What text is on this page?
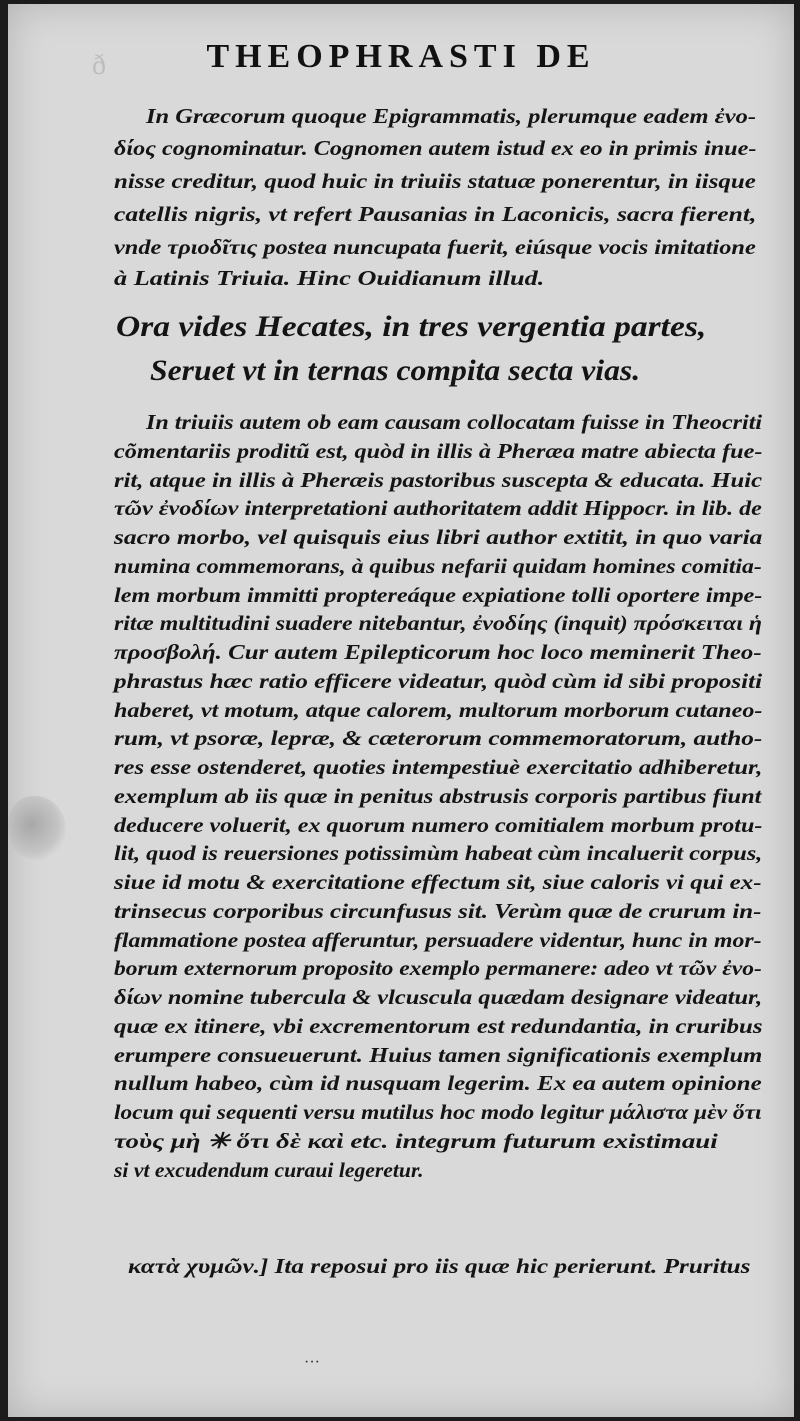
ð	THEOPHRASTI DE
In Græcorum quoque Epigrammatis, plerumque eadem ἐνο-
δίος cognominatur. Cognomen autem istud ex eo in primis inue-
nisse creditur, quod huic in triuiis statuæ ponerentur, in iisque
catellis nigris, vt refert Pausanias in Laconicis, sacra fierent,
vnde τριοδῖτις postea nuncupata fuerit, eiúsque vocis imitatione
à Latinis Triuia. Hinc Ouidianum illud.
Ora vides Hecates, in tres vergentia partes,
Seruet vt in ternas compita secta vias.
In triuiis autem ob eam causam collocatam fuisse in Theocriti
cõmentariis proditũ est, quòd in illis à Pheræa matre abiecta fue-
rit, atque in illis à Pheræis pastoribus suscepta & educata. Huic
τῶν ἐνοδίων interpretationi authoritatem addit Hippocr. in lib. de
sacro morbo, vel quisquis eius libri author extitit, in quo varia
numina commemorans, à quibus nefarii quidam homines comitia-
lem morbum immitti proptereáque expiatione tolli oportere impe-
ritæ multitudini suadere nitebantur, ἐνοδίης (inquit) πρόσκειται ἡ
προσβολή. Cur autem Epilepticorum hoc loco meminerit Theo-
phrastus hæc ratio efficere videatur, quòd cùm id sibi propositi
haberet, vt motum, atque calorem, multorum morborum cutaneo-
rum, vt psoræ, lepræ, & cæterorum commemoratorum, autho-
res esse ostenderet, quoties intempestiuè exercitatio adhiberetur,
exemplum ab iis quæ in penitus abstrusis corporis partibus fiunt
deducere voluerit, ex quorum numero comitialem morbum protu-
lit, quod is reuersiones potissimùm habeat cùm incaluerit corpus,
siue id motu & exercitatione effectum sit, siue caloris vi qui ex-
trinsecus corporibus circunfusus sit. Verùm quæ de crurum in-
flammatione postea afferuntur, persuadere videntur, hunc in mor-
borum externorum proposito exemplo permanere: adeo vt τῶν ἐνο-
δίων nomine tubercula & vlcuscula quædam designare videatur,
quæ ex itinere, vbi excrementorum est redundantia, in cruribus
erumpere consueuerunt. Huius tamen significationis exemplum
nullum habeo, cùm id nusquam legerim. Ex ea autem opinione
locum qui sequenti versu mutilus hoc modo legitur μάλιστα μὲν ὅτι
τοὺς μὴ ✳ ὅτι δὲ καὶ etc. integrum futurum existimaui
si vt excudendum curaui legeretur.
κατὰ χυμῶν.] Ita reposui pro iis quæ hic perierunt. Pruritus
···
